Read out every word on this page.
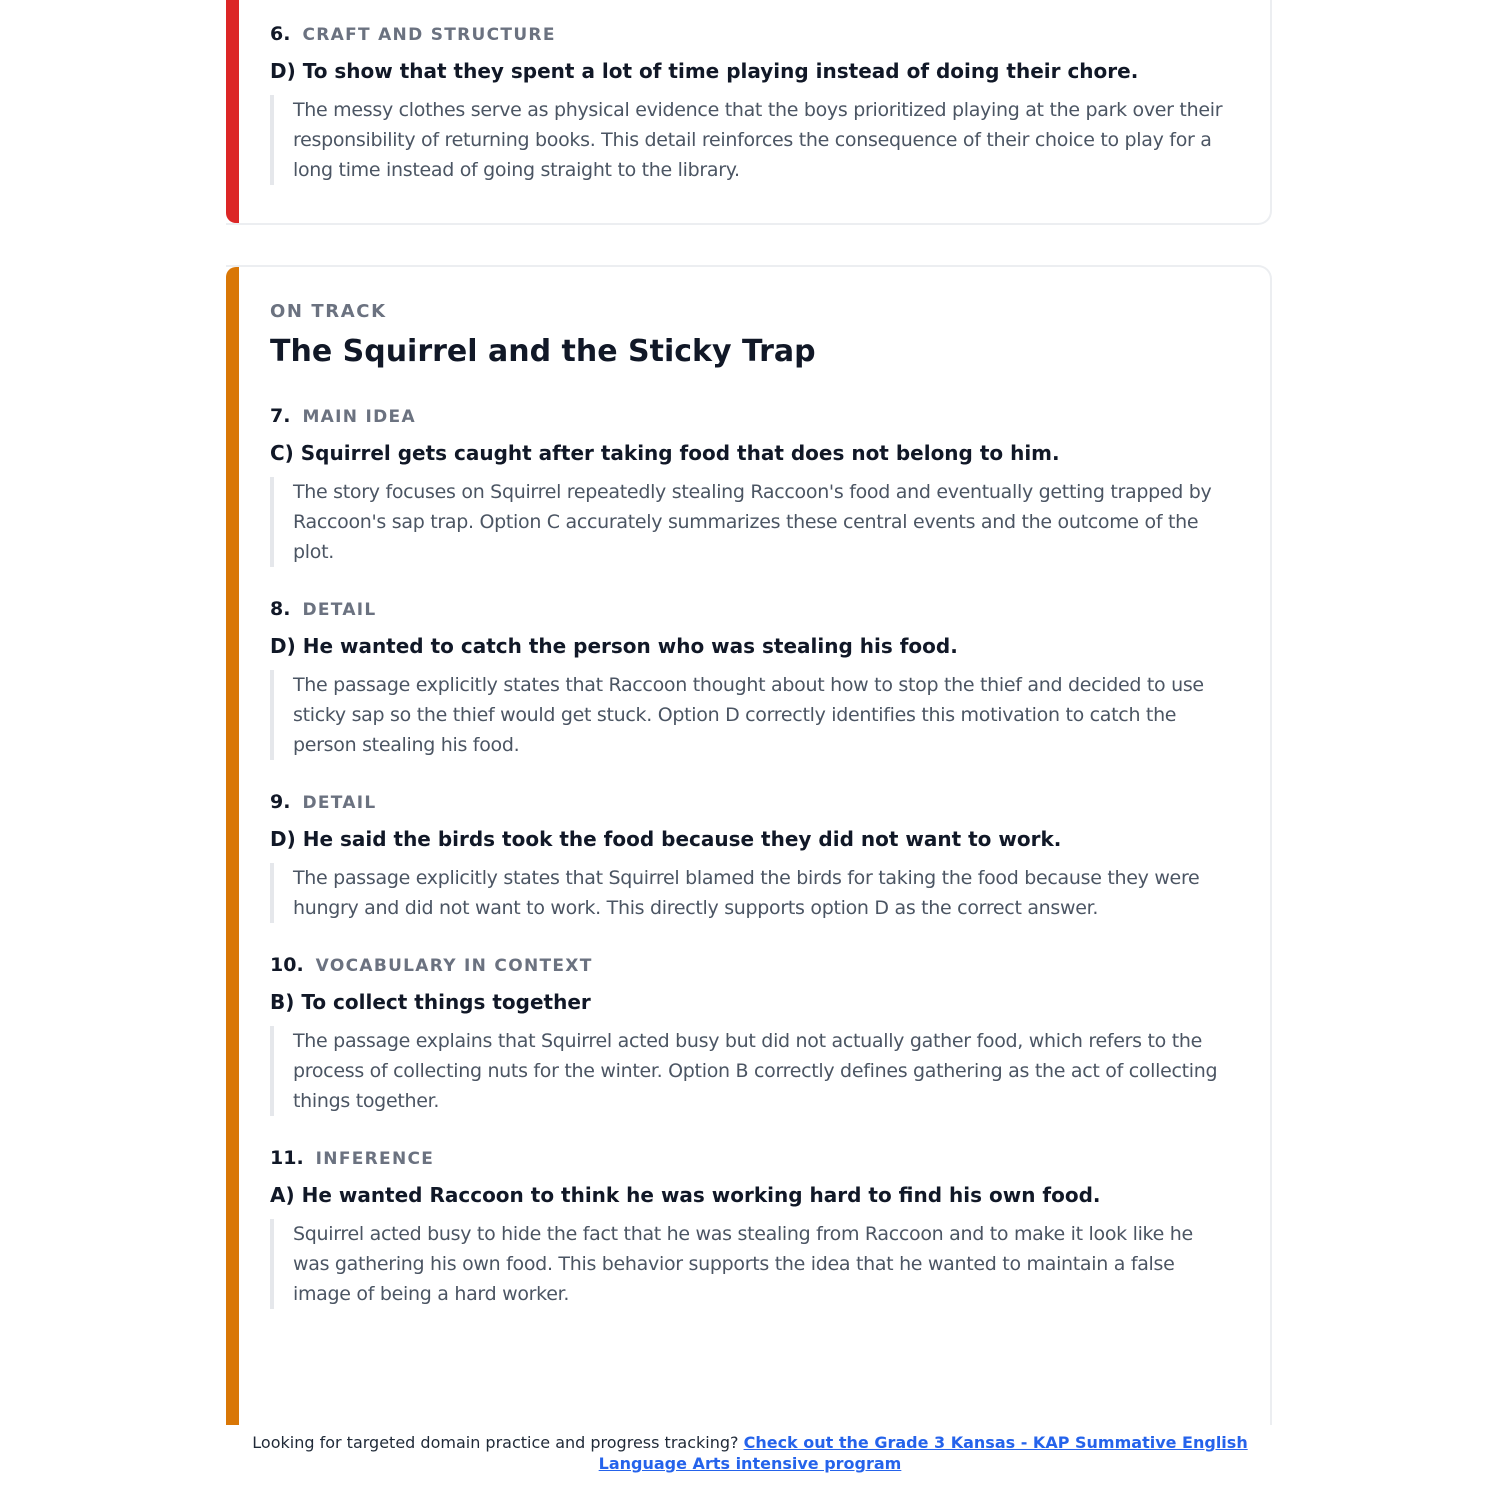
6. CRAFT AND STRUCTURE
D) To show that they spent a lot of time playing instead of doing their chore.
The messy clothes serve as physical evidence that the boys prioritized playing at the park over their responsibility of returning books. This detail reinforces the consequence of their choice to play for a long time instead of going straight to the library.
ON TRACK
The Squirrel and the Sticky Trap
7. MAIN IDEA
C) Squirrel gets caught after taking food that does not belong to him.
The story focuses on Squirrel repeatedly stealing Raccoon's food and eventually getting trapped by Raccoon's sap trap. Option C accurately summarizes these central events and the outcome of the plot.
8. DETAIL
D) He wanted to catch the person who was stealing his food.
The passage explicitly states that Raccoon thought about how to stop the thief and decided to use sticky sap so the thief would get stuck. Option D correctly identifies this motivation to catch the person stealing his food.
9. DETAIL
D) He said the birds took the food because they did not want to work.
The passage explicitly states that Squirrel blamed the birds for taking the food because they were hungry and did not want to work. This directly supports option D as the correct answer.
10. VOCABULARY IN CONTEXT
B) To collect things together
The passage explains that Squirrel acted busy but did not actually gather food, which refers to the process of collecting nuts for the winter. Option B correctly defines gathering as the act of collecting things together.
11. INFERENCE
A) He wanted Raccoon to think he was working hard to find his own food.
Squirrel acted busy to hide the fact that he was stealing from Raccoon and to make it look like he was gathering his own food. This behavior supports the idea that he wanted to maintain a false image of being a hard worker.
Looking for targeted domain practice and progress tracking? Check out the Grade 3 Kansas - KAP Summative English Language Arts intensive program
